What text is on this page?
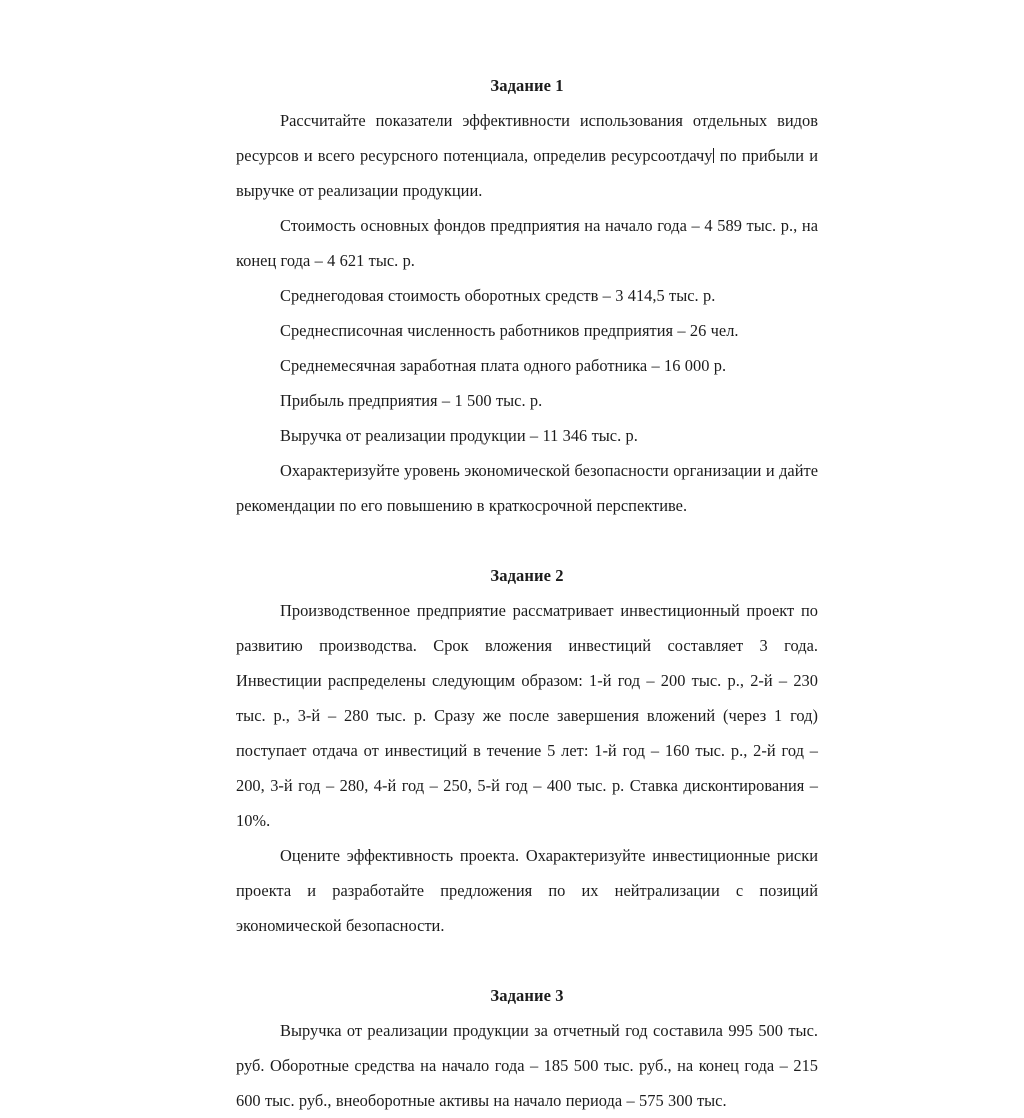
Задание 1

Рассчитайте показатели эффективности использования отдельных видов ресурсов и всего ресурсного потенциала, определив ресурсоотдачу по прибыли и выручке от реализации продукции.

Стоимость основных фондов предприятия на начало года – 4 589 тыс. р., на конец года – 4 621 тыс. р.

Среднегодовая стоимость оборотных средств – 3 414,5 тыс. р.

Среднесписочная численность работников предприятия – 26 чел.

Среднемесячная заработная плата одного работника – 16 000 р.

Прибыль предприятия – 1 500 тыс. р.

Выручка от реализации продукции – 11 346 тыс. р.

Охарактеризуйте уровень экономической безопасности организации и дайте рекомендации по его повышению в краткосрочной перспективе.

Задание 2

Производственное предприятие рассматривает инвестиционный проект по развитию производства. Срок вложения инвестиций составляет 3 года. Инвестиции распределены следующим образом: 1-й год – 200 тыс. р., 2-й – 230 тыс. р., 3-й – 280 тыс. р. Сразу же после завершения вложений (через 1 год) поступает отдача от инвестиций в течение 5 лет: 1-й год – 160 тыс. р., 2-й год – 200, 3-й год – 280, 4-й год – 250, 5-й год – 400 тыс. р. Ставка дисконтирования – 10%.

Оцените эффективность проекта. Охарактеризуйте инвестиционные риски проекта и разработайте предложения по их нейтрализации с позиций экономической безопасности.

Задание 3

Выручка от реализации продукции за отчетный год составила 995 500 тыс. руб. Оборотные средства на начало года – 185 500 тыс. руб., на конец года – 215 600 тыс. руб., внеоборотные активы на начало периода – 575 300 тыс.
